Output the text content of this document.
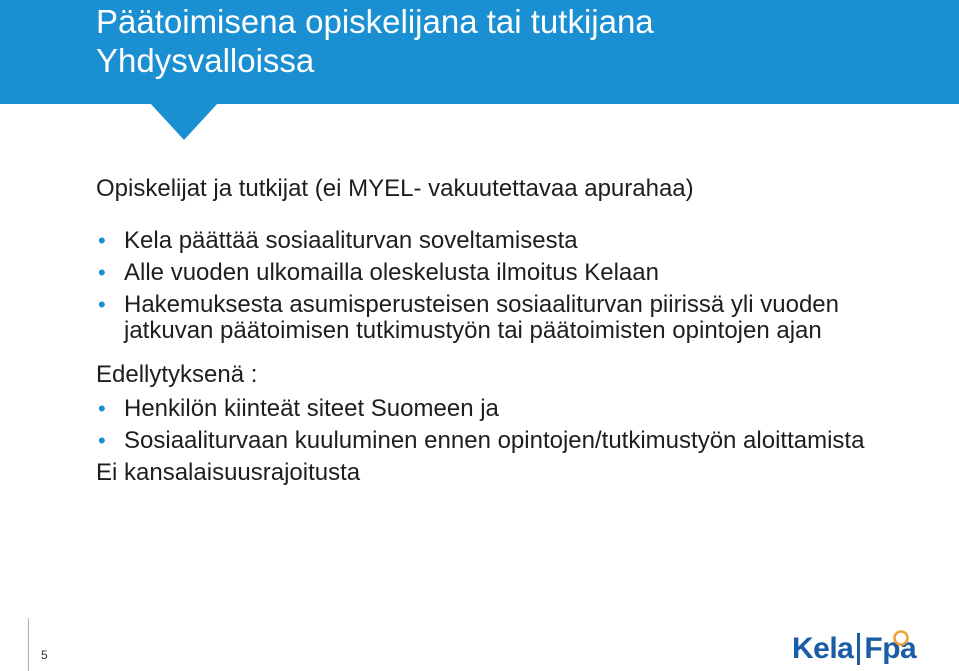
Päätoimisena opiskelijana tai tutkijana
Yhdysvalloissa

Opiskelijat ja tutkijat (ei MYEL- vakuutettavaa apurahaa)

• Kela päättää sosiaaliturvan soveltamisesta
• Alle vuoden ulkomailla oleskelusta ilmoitus Kelaan
• Hakemuksesta asumisperusteisen sosiaaliturvan piirissä yli vuoden jatkuvan päätoimisen tutkimustyön tai päätoimisten opintojen ajan

Edellytyksenä :

• Henkilön kiinteät siteet Suomeen ja
• Sosiaaliturvaan kuuluminen ennen opintojen/tutkimustyön aloittamista

Ei kansalaisuusrajoitusta

5	Kela Fpa
